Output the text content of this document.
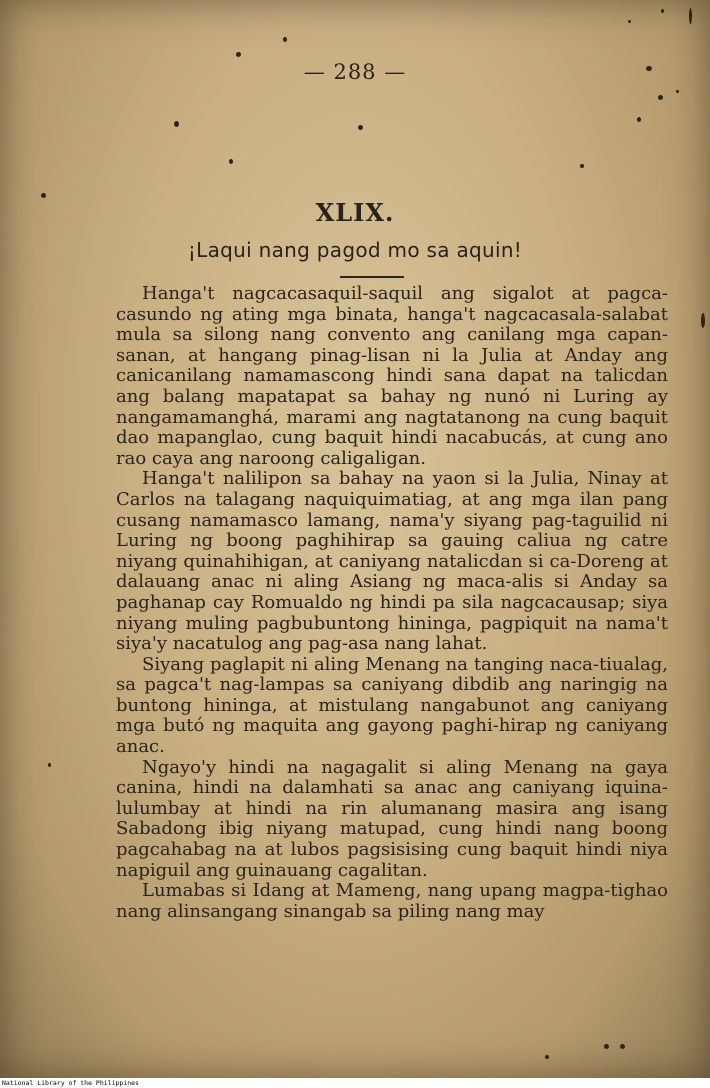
— 288 —
XLIX.
¡Laqui nang pagod mo sa aquin!

Hanga't nagcacasaquil-saquil ang sigalot at pagca-casundo ng ating mga binata, hanga't nagcacasala-salabat mula sa silong nang convento ang canilang mga capan-sanan, at hangang pinag-lisan ni la Julia at Anday ang canicanilang namamascong hindi sana dapat na talicdan ang balang mapatapat sa bahay ng nunó ni Luring ay nangamamanghá, marami ang nagtatanong na cung baquit dao mapanglao, cung baquit hindi nacabucás, at cung ano rao caya ang naroong caligaligan.

Hanga't nalilipon sa bahay na yaon si la Julia, Ninay at Carlos na talagang naquiquimatiag, at ang mga ilan pang cusang namamasco lamang, nama'y siyang pag-taguilid ni Luring ng boong paghihirap sa gauing caliua ng catre niyang quinahihigan, at caniyang natalicdan si ca-Doreng at dalauang anac ni aling Asiang ng maca-alis si Anday sa paghanap cay Romualdo ng hindi pa sila nagcacausap; siya niyang muling pagbubuntong hininga, pagpiquit na nama't siya'y nacatulog ang pag-asa nang lahat.

Siyang paglapit ni aling Menang na tanging naca-tiualag, sa pagca't nag-lampas sa caniyang dibdib ang naringig na buntong hininga, at mistulang nangabunot ang caniyang mga butó ng maquita ang gayong paghi-hirap ng caniyang anac.

Ngayo'y hindi na nagagalit si aling Menang na gaya canina, hindi na dalamhati sa anac ang caniyang iquina-lulumbay at hindi na rin alumanang masira ang isang Sabadong ibig niyang matupad, cung hindi nang boong pagcahabag na at lubos pagsisising cung baquit hindi niya napiguil ang guinauang cagalitan.

Lumabas si Idang at Mameng, nang upang magpa-tighao nang alinsangang sinangab sa piling nang may

National Library of the Philippines
